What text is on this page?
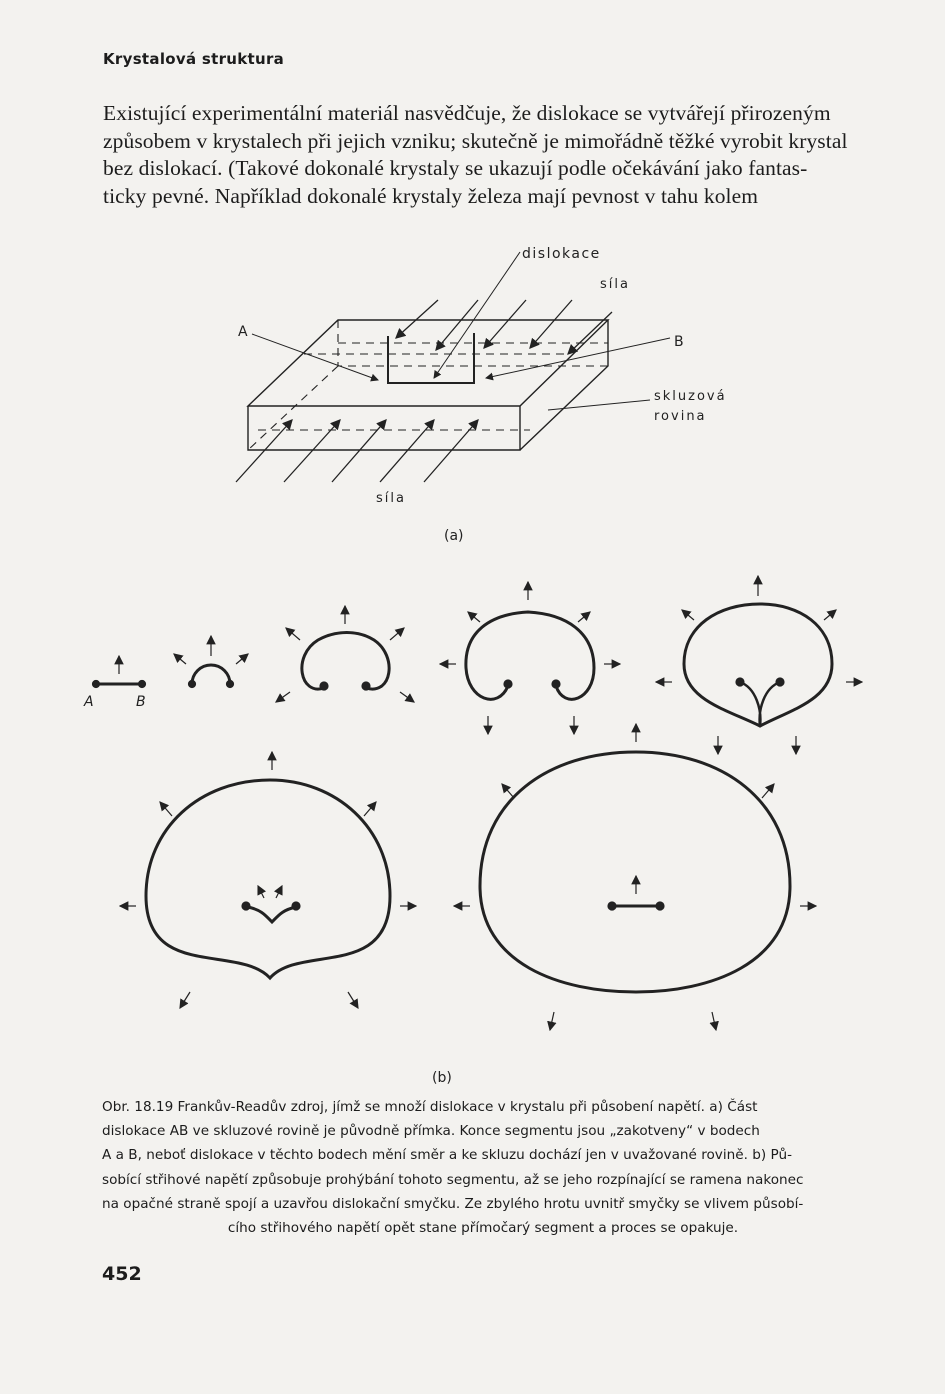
Krystalová struktura
Existující experimentální materiál nasvědčuje, že dislokace se vytvářejí přirozeným
způsobem v krystalech při jejich vzniku; skutečně je mimořádně těžké vyrobit krystal
bez dislokací. (Takové dokonalé krystaly se ukazují podle očekávání jako fantas-
ticky pevné. Například dokonalé krystaly železa mají pevnost v tahu kolem
dislokace
síla
A
B
skluzová
rovina
síla
(a)
A	B
(b)
Obr. 18.19 Frankův-Readův zdroj, jímž se množí dislokace v krystalu při působení napětí. a) Část
dislokace AB ve skluzové rovině je původně přímka. Konce segmentu jsou „zakotveny“ v bodech
A a B, neboť dislokace v těchto bodech mění směr a ke skluzu dochází jen v uvažované rovině. b) Pů-
sobící střihové napětí způsobuje prohýbání tohoto segmentu, až se jeho rozpínající se ramena nakonec
na opačné straně spojí a uzavřou dislokační smyčku. Ze zbylého hrotu uvnitř smyčky se vlivem působí-
cího střihového napětí opět stane přímočarý segment a proces se opakuje.
452
